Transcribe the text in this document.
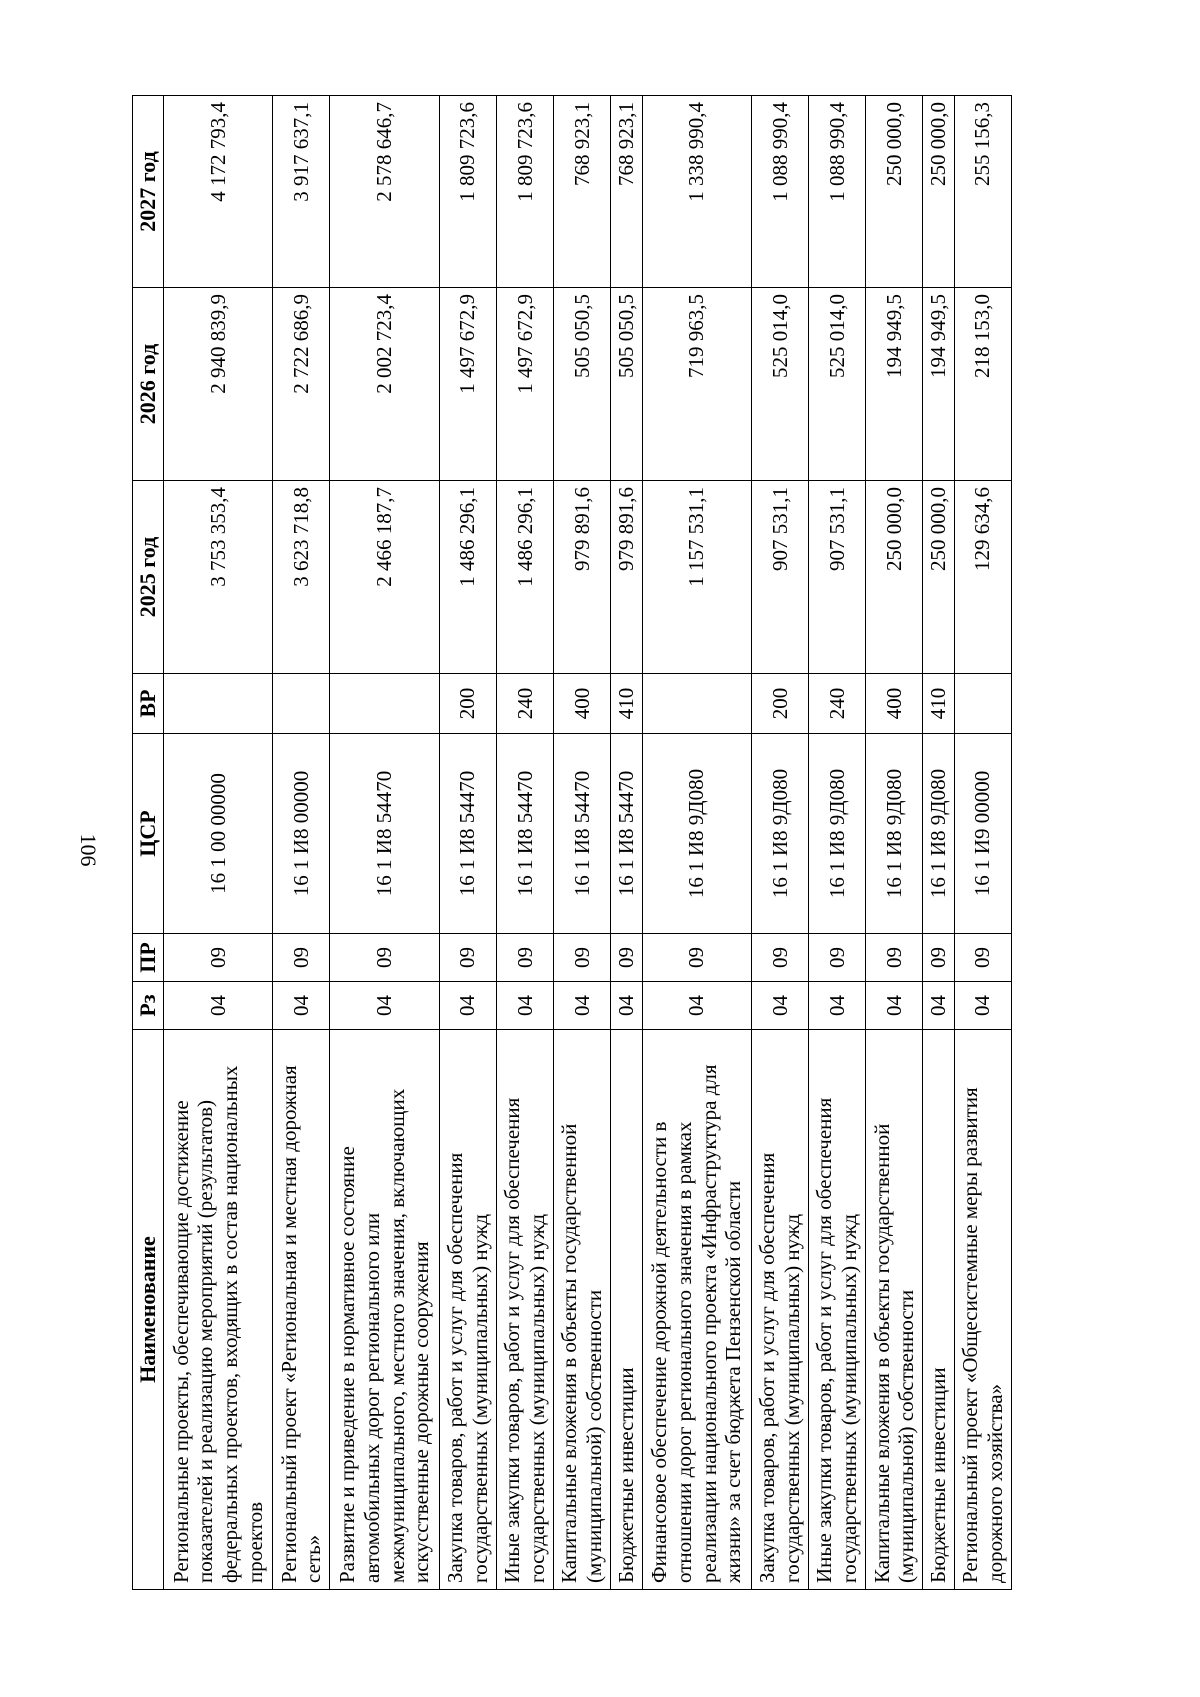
106
Наименование	Рз	ПР	ЦСР	ВР	2025 год	2026 год	2027 год
Региональные проекты, обеспечивающие достижение показателей и реализацию мероприятий (результатов) федеральных проектов, входящих в состав национальных проектов	04	09	16 1 00 00000		3 753 353,4	2 940 839,9	4 172 793,4
Региональный проект «Региональная и местная дорожная сеть»	04	09	16 1 И8 00000		3 623 718,8	2 722 686,9	3 917 637,1
Развитие и приведение в нормативное состояние автомобильных дорог регионального или межмуниципального, местного значения, включающих искусственные дорожные сооружения	04	09	16 1 И8 54470		2 466 187,7	2 002 723,4	2 578 646,7
Закупка товаров, работ и услуг для обеспечения государственных (муниципальных) нужд	04	09	16 1 И8 54470	200	1 486 296,1	1 497 672,9	1 809 723,6
Иные закупки товаров, работ и услуг для обеспечения государственных (муниципальных) нужд	04	09	16 1 И8 54470	240	1 486 296,1	1 497 672,9	1 809 723,6
Капитальные вложения в объекты государственной (муниципальной) собственности	04	09	16 1 И8 54470	400	979 891,6	505 050,5	768 923,1
Бюджетные инвестиции	04	09	16 1 И8 54470	410	979 891,6	505 050,5	768 923,1
Финансовое обеспечение дорожной деятельности в отношении дорог регионального значения в рамках реализации национального проекта «Инфраструктура для жизни» за счет бюджета Пензенской области	04	09	16 1 И8 9Д080		1 157 531,1	719 963,5	1 338 990,4
Закупка товаров, работ и услуг для обеспечения государственных (муниципальных) нужд	04	09	16 1 И8 9Д080	200	907 531,1	525 014,0	1 088 990,4
Иные закупки товаров, работ и услуг для обеспечения государственных (муниципальных) нужд	04	09	16 1 И8 9Д080	240	907 531,1	525 014,0	1 088 990,4
Капитальные вложения в объекты государственной (муниципальной) собственности	04	09	16 1 И8 9Д080	400	250 000,0	194 949,5	250 000,0
Бюджетные инвестиции	04	09	16 1 И8 9Д080	410	250 000,0	194 949,5	250 000,0
Региональный проект «Общесистемные меры развития дорожного хозяйства»	04	09	16 1 И9 00000		129 634,6	218 153,0	255 156,3
